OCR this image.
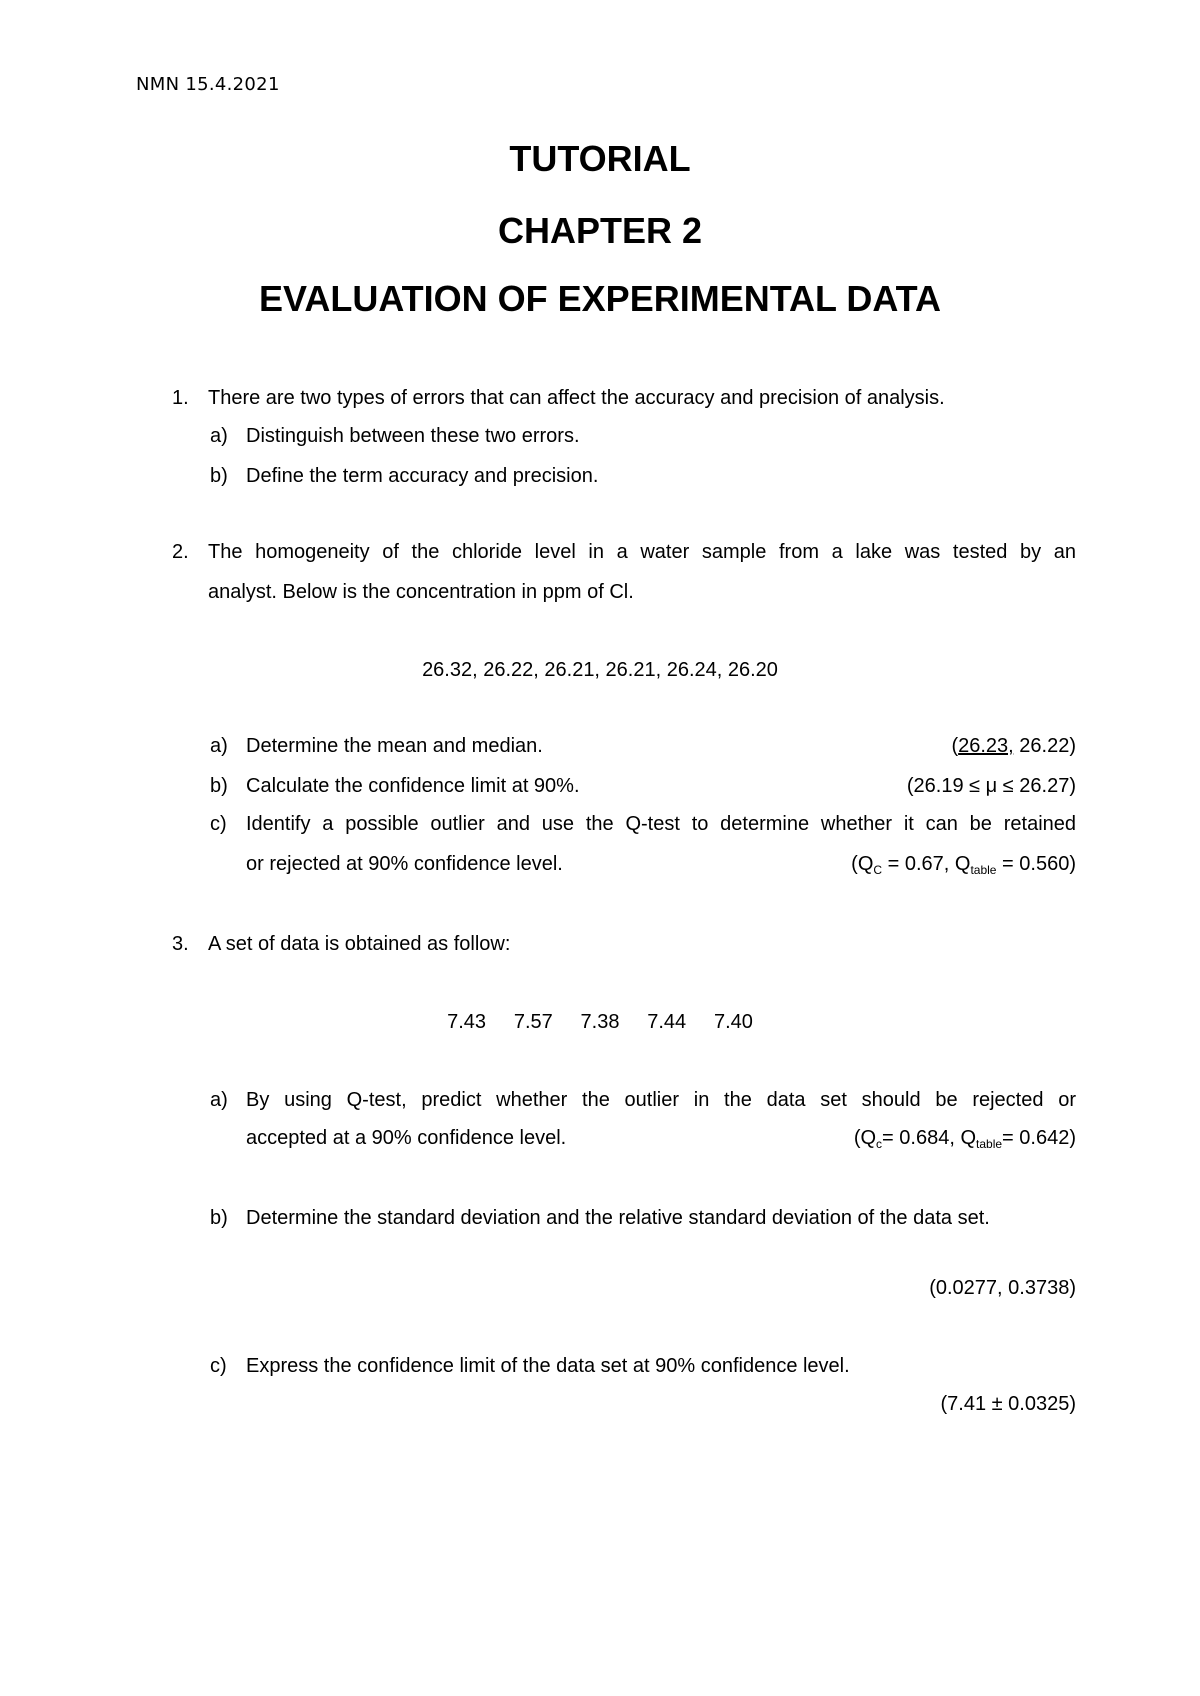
NMN 15.4.2021
TUTORIAL
CHAPTER 2
EVALUATION OF EXPERIMENTAL DATA
1. There are two types of errors that can affect the accuracy and precision of analysis.
a) Distinguish between these two errors.
b) Define the term accuracy and precision.
2. The homogeneity of the chloride level in a water sample from a lake was tested by an
analyst. Below is the concentration in ppm of Cl.
26.32, 26.22, 26.21, 26.21, 26.24, 26.20
a) Determine the mean and median.	(26.23, 26.22)
b) Calculate the confidence limit at 90%.	(26.19 ≤ μ ≤ 26.27)
c) Identify a possible outlier and use the Q-test to determine whether it can be retained
or rejected at 90% confidence level.	($Q_C = 0.67$, $Q_{table} = 0.560$)
3. A set of data is obtained as follow:
7.43     7.57     7.38     7.44     7.40
a) By using Q-test, predict whether the outlier in the data set should be rejected or
accepted at a 90% confidence level.	($Q_c= 0.684$, $Q_{table}= 0.642$)
b) Determine the standard deviation and the relative standard deviation of the data set.
(0.0277, 0.3738)
c) Express the confidence limit of the data set at 90% confidence level.
(7.41 ± 0.0325)
